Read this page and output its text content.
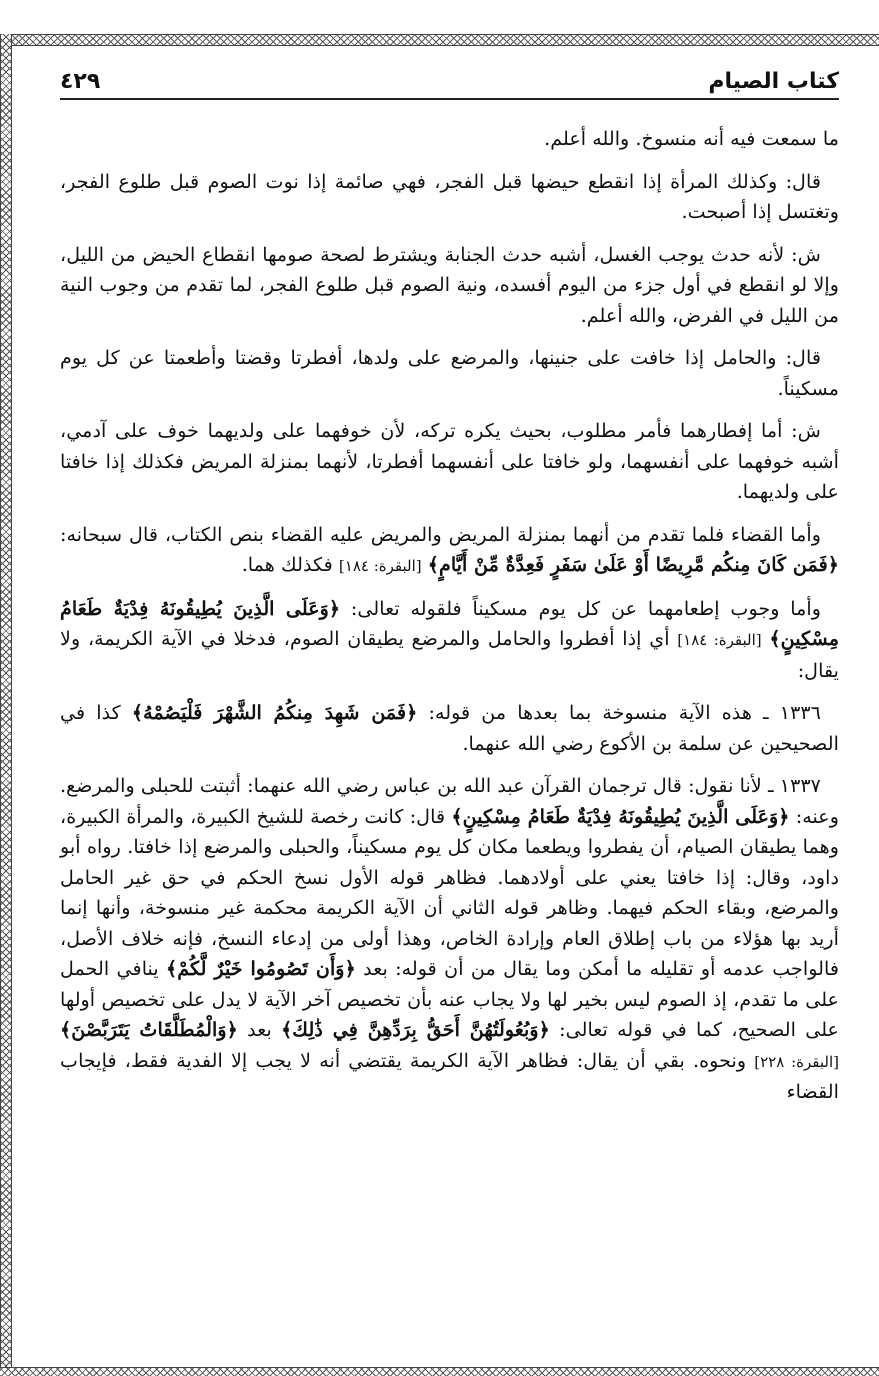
كتاب الصيام
٤٢٩

ما سمعت فيه أنه منسوخ. والله أعلم.

قال: وكذلك المرأة إذا انقطع حيضها قبل الفجر، فهي صائمة إذا نوت الصوم قبل طلوع الفجر، وتغتسل إذا أصبحت.

ش: لأنه حدث يوجب الغسل، أشبه حدث الجنابة ويشترط لصحة صومها انقطاع الحيض من الليل، وإلا لو انقطع في أول جزء من اليوم أفسده، ونية الصوم قبل طلوع الفجر، لما تقدم من وجوب النية من الليل في الفرض، والله أعلم.

قال: والحامل إذا خافت على جنينها، والمرضع على ولدها، أفطرتا وقضتا وأطعمتا عن كل يوم مسكيناً.

ش: أما إفطارهما فأمر مطلوب، بحيث يكره تركه، لأن خوفهما على ولديهما خوف على آدمي، أشبه خوفهما على أنفسهما، ولو خافتا على أنفسهما أفطرتا، لأنهما بمنزلة المريض فكذلك إذا خافتا على ولديهما.

وأما القضاء فلما تقدم من أنهما بمنزلة المريض والمريض عليه القضاء بنص الكتاب، قال سبحانه: ﴿فَمَن كَانَ مِنكُم مَّرِيضًا أَوْ عَلَىٰ سَفَرٍ فَعِدَّةٌ مِّنْ أَيَّامٍ﴾ [البقرة: ١٨٤] فكذلك هما.

وأما وجوب إطعامهما عن كل يوم مسكيناً فلقوله تعالى: ﴿وَعَلَى الَّذِينَ يُطِيقُونَهُ فِدْيَةٌ طَعَامُ مِسْكِينٍ﴾ [البقرة: ١٨٤] أي إذا أفطروا والحامل والمرضع يطيقان الصوم، فدخلا في الآية الكريمة، ولا يقال:

١٣٣٦ ـ هذه الآية منسوخة بما بعدها من قوله: ﴿فَمَن شَهِدَ مِنكُمُ الشَّهْرَ فَلْيَصُمْهُ﴾ كذا في الصحيحين عن سلمة بن الأكوع رضي الله عنهما.

١٣٣٧ ـ لأنا نقول: قال ترجمان القرآن عبد الله بن عباس رضي الله عنهما: أثبتت للحبلى والمرضع. وعنه: ﴿وَعَلَى الَّذِينَ يُطِيقُونَهُ فِدْيَةٌ طَعَامُ مِسْكِينٍ﴾ قال: كانت رخصة للشيخ الكبيرة، والمرأة الكبيرة، وهما يطيقان الصيام، أن يفطروا ويطعما مكان كل يوم مسكيناً، والحبلى والمرضع إذا خافتا. رواه أبو داود، وقال: إذا خافتا يعني على أولادهما. فظاهر قوله الأول نسخ الحكم في حق غير الحامل والمرضع، وبقاء الحكم فيهما. وظاهر قوله الثاني أن الآية الكريمة محكمة غير منسوخة، وأنها إنما أريد بها هؤلاء من باب إطلاق العام وإرادة الخاص، وهذا أولى من إدعاء النسخ، فإنه خلاف الأصل، فالواجب عدمه أو تقليله ما أمكن وما يقال من أن قوله: بعد ﴿وَأَن تَصُومُوا خَيْرٌ لَّكُمْ﴾ ينافي الحمل على ما تقدم، إذ الصوم ليس بخير لها ولا يجاب عنه بأن تخصيص آخر الآية لا يدل على تخصيص أولها على الصحيح، كما في قوله تعالى: ﴿وَبُعُولَتُهُنَّ أَحَقُّ بِرَدِّهِنَّ فِي ذَٰلِكَ﴾ بعد ﴿وَالْمُطَلَّقَاتُ يَتَرَبَّصْنَ﴾ [البقرة: ٢٢٨] ونحوه. بقي أن يقال: فظاهر الآية الكريمة يقتضي أنه لا يجب إلا الفدية فقط، فإيجاب القضاء
